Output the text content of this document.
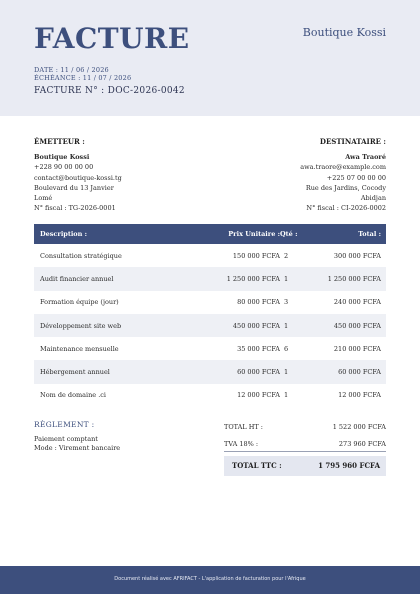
FACTURE	Boutique Kossi
DATE : 11 / 06 / 2026
ÉCHÉANCE : 11 / 07 / 2026
FACTURE N° : DOC-2026-0042
ÉMETTEUR :
Boutique Kossi
+228 90 00 00 00
contact@boutique-kossi.tg
Boulevard du 13 Janvier
Lomé
N° fiscal : TG-2026-0001
DESTINATAIRE :
Awa Traoré
awa.traore@example.com
+225 07 00 00 00
Rue des Jardins, Cocody
Abidjan
N° fiscal : CI-2026-0002
Description :	Prix Unitaire : Qté :	Total :
Consultation stratégique	150 000 FCFA 2	300 000 FCFA
Audit financier annuel	1 250 000 FCFA 1	1 250 000 FCFA
Formation équipe (jour)	80 000 FCFA 3	240 000 FCFA
Développement site web	450 000 FCFA 1	450 000 FCFA
Maintenance mensuelle	35 000 FCFA 6	210 000 FCFA
Hébergement annuel	60 000 FCFA 1	60 000 FCFA
Nom de domaine .ci	12 000 FCFA 1	12 000 FCFA
RÈGLEMENT :
Paiement comptant
Mode : Virement bancaire
TOTAL HT :	1 522 000 FCFA
TVA 18% :	273 960 FCFA
TOTAL TTC :	1 795 960 FCFA
Document réalisé avec AFRIFACT - L'application de facturation pour l'Afrique
